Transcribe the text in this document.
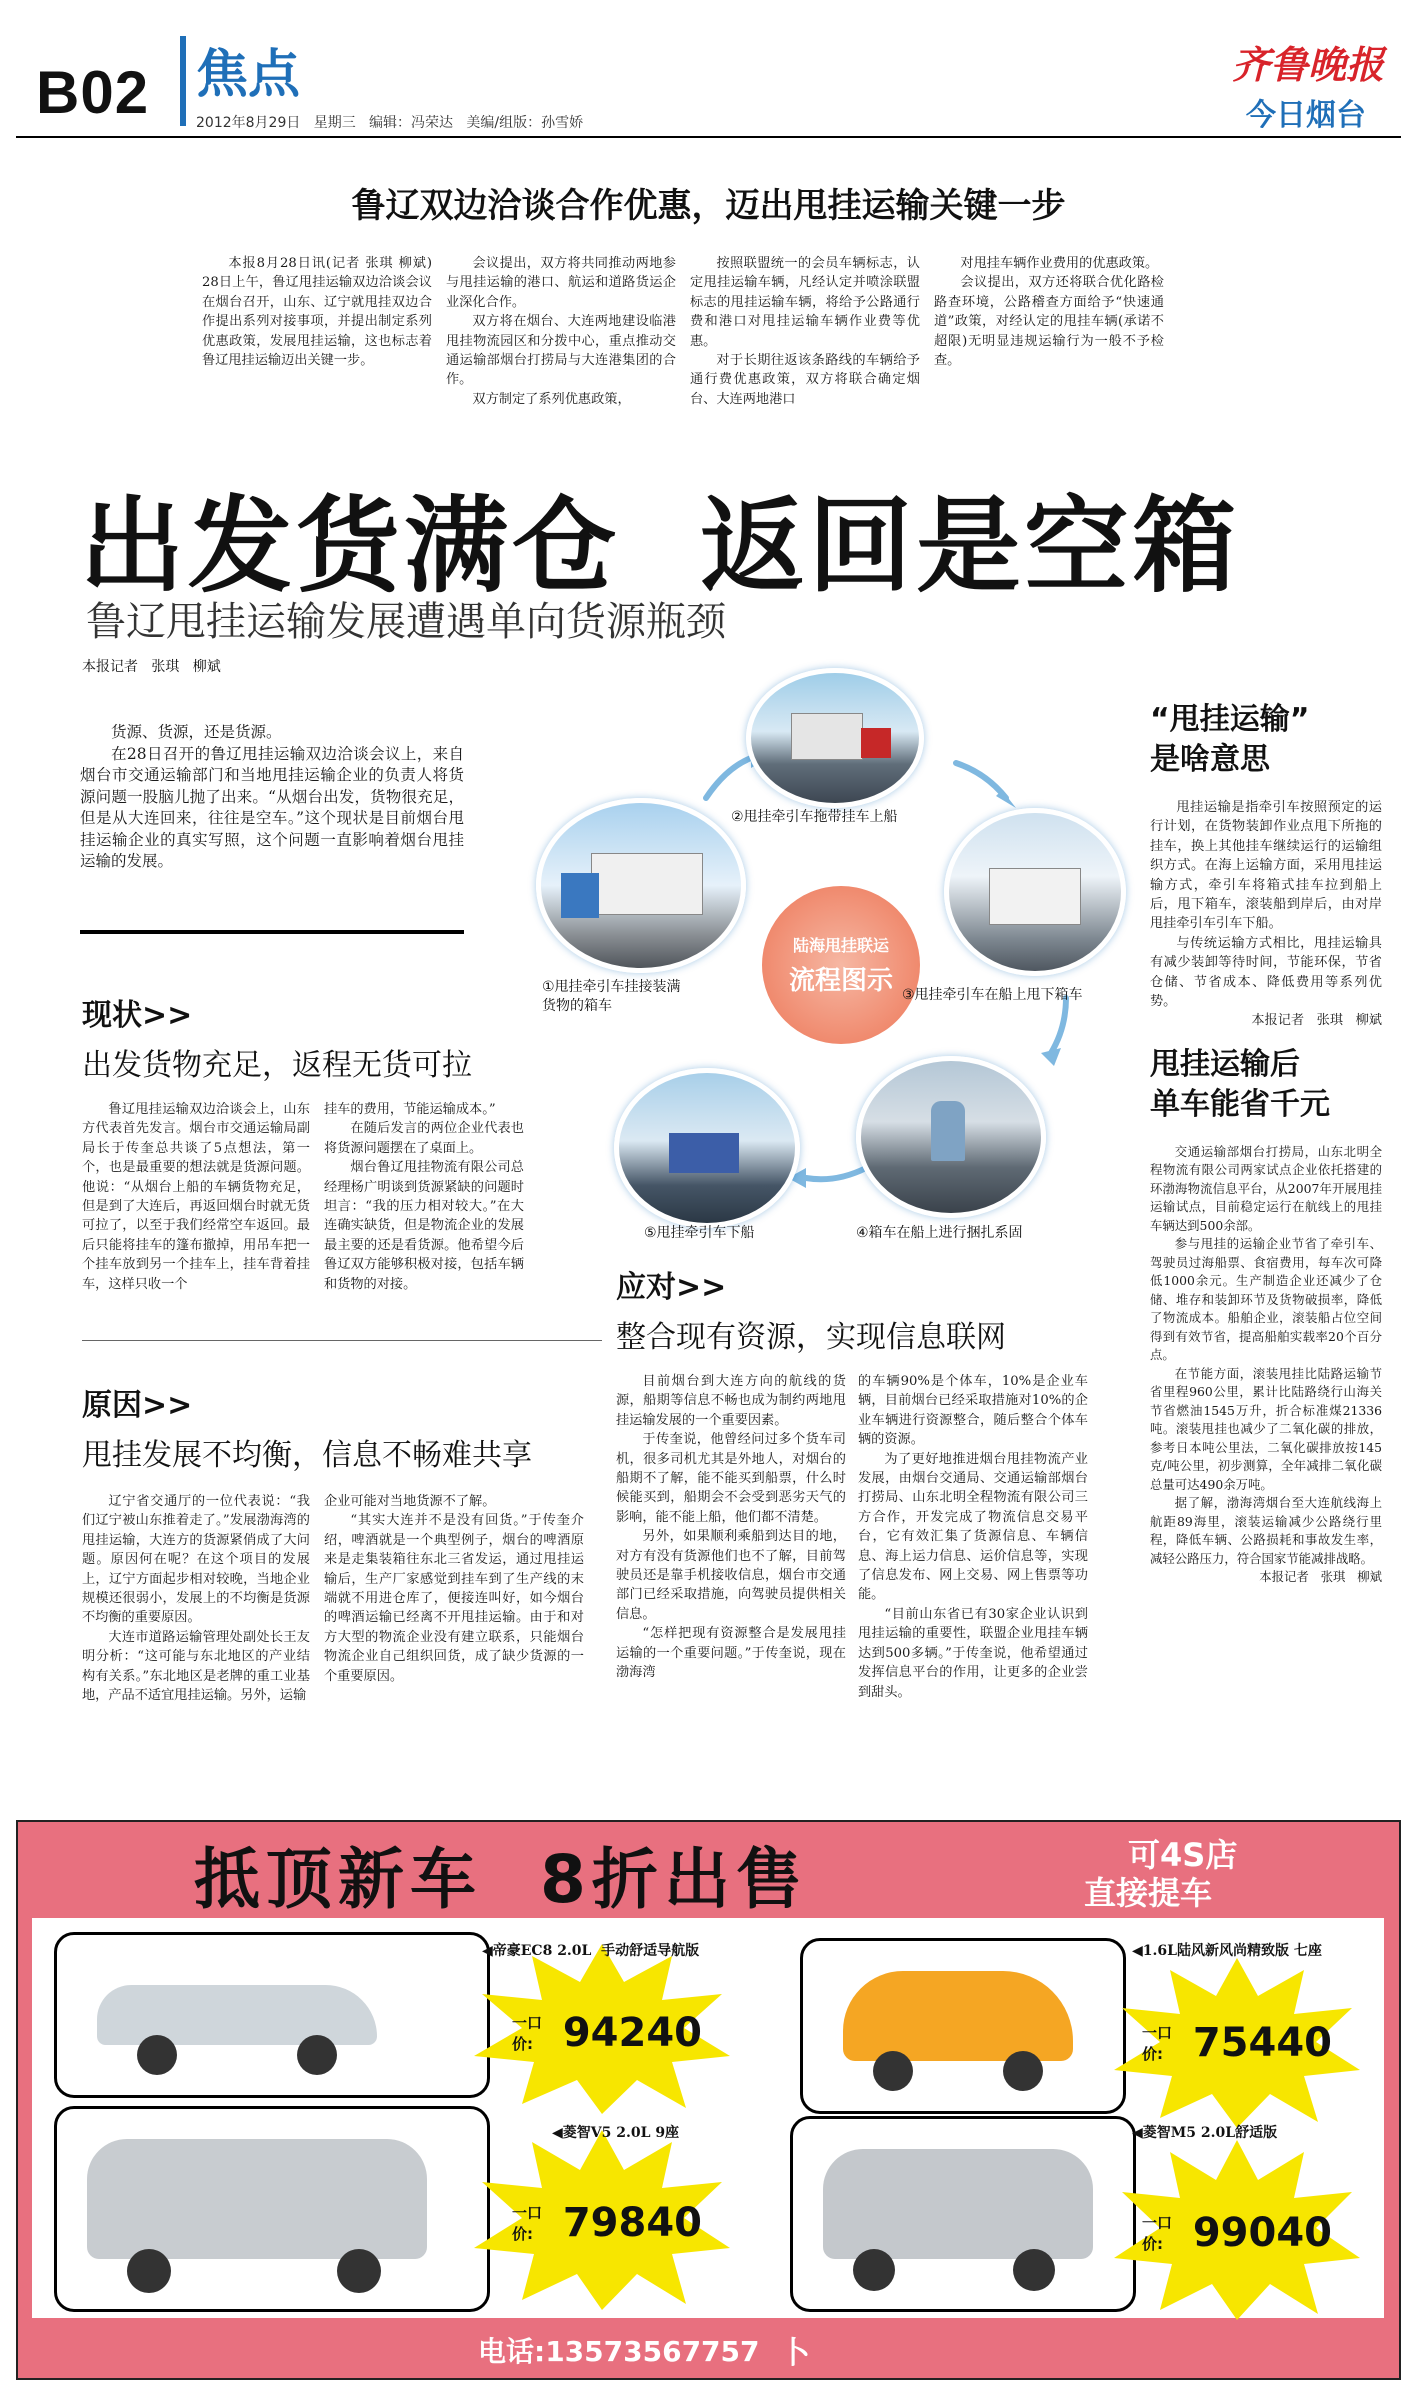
B02 焦点
2012年8月29日   星期三   编辑：冯荣达   美编/组版：孙雪娇
齐鲁晚报
今日烟台
鲁辽双边洽谈合作优惠，迈出甩挂运输关键一步

本报8月28日讯(记者 张琪 柳斌) 28日上午，鲁辽甩挂运输双边洽谈会议在烟台召开，山东、辽宁就甩挂双边合作提出系列对接事项，并提出制定系列优惠政策，发展甩挂运输，这也标志着鲁辽甩挂运输迈出关键一步。

会议提出，双方将共同推动两地参与甩挂运输的港口、航运和道路货运企业深化合作。

双方将在烟台、大连两地建设临港甩挂物流园区和分拨中心，重点推动交通运输部烟台打捞局与大连港集团的合作。

双方制定了系列优惠政策，

按照联盟统一的会员车辆标志，认定甩挂运输车辆，凡经认定并喷涂联盟标志的甩挂运输车辆，将给予公路通行费和港口对甩挂运输车辆作业费等优惠。

对于长期往返该条路线的车辆给予通行费优惠政策，双方将联合确定烟台、大连两地港口

对甩挂车辆作业费用的优惠政策。

会议提出，双方还将联合优化路检路查环境，公路稽查方面给予“快速通道”政策，对经认定的甩挂车辆(承诺不超限)无明显违规运输行为一般不予检查。

出发货满仓  返回是空箱
鲁辽甩挂运输发展遭遇单向货源瓶颈
本报记者   张琪   柳斌

货源、货源，还是货源。

在28日召开的鲁辽甩挂运输双边洽谈会议上，来自烟台市交通运输部门和当地甩挂运输企业的负责人将货源问题一股脑儿抛了出来。“从烟台出发，货物很充足，但是从大连回来，往往是空车。”这个现状是目前烟台甩挂运输企业的真实写照，这个问题一直影响着烟台甩挂运输的发展。

现状>>
出发货物充足，返程无货可拉

鲁辽甩挂运输双边洽谈会上，山东方代表首先发言。烟台市交通运输局副局长于传奎总共谈了5点想法，第一个，也是最重要的想法就是货源问题。他说：“从烟台上船的车辆货物充足，但是到了大连后，再返回烟台时就无货可拉了，以至于我们经常空车返回。最后只能将挂车的篷布撤掉，用吊车把一个挂车放到另一个挂车上，挂车背着挂车，这样只收一个

挂车的费用，节能运输成本。”

在随后发言的两位企业代表也将货源问题摆在了桌面上。

烟台鲁辽甩挂物流有限公司总经理杨广明谈到货源紧缺的问题时坦言：“我的压力相对较大。”在大连确实缺货，但是物流企业的发展最主要的还是看货源。他希望今后鲁辽双方能够积极对接，包括车辆和货物的对接。

原因>>
甩挂发展不均衡，信息不畅难共享

辽宁省交通厅的一位代表说：“我们辽宁被山东推着走了。”发展渤海湾的甩挂运输，大连方的货源紧俏成了大问题。原因何在呢？在这个项目的发展上，辽宁方面起步相对较晚，当地企业规模还很弱小，发展上的不均衡是货源不均衡的重要原因。

大连市道路运输管理处副处长王友明分析：“这可能与东北地区的产业结构有关系。”东北地区是老牌的重工业基地，产品不适宜甩挂运输。另外，运输

企业可能对当地货源不了解。

“其实大连并不是没有回货。”于传奎介绍，啤酒就是一个典型例子，烟台的啤酒原来是走集装箱往东北三省发运，通过甩挂运输后，生产厂家感觉到挂车到了生产线的末端就不用进仓库了，便接连叫好，如今烟台的啤酒运输已经离不开甩挂运输。由于和对方大型的物流企业没有建立联系，只能烟台物流企业自己组织回货，成了缺少货源的一个重要原因。

陆海甩挂联运
流程图示
②甩挂牵引车拖带挂车上船
①甩挂牵引车挂接装满货物的箱车
③甩挂牵引车在船上甩下箱车
④箱车在船上进行捆扎系固
⑤甩挂牵引车下船
应对>>
整合现有资源，实现信息联网

目前烟台到大连方向的航线的货源，船期等信息不畅也成为制约两地甩挂运输发展的一个重要因素。

于传奎说，他曾经问过多个货车司机，很多司机尤其是外地人，对烟台的船期不了解，能不能买到船票，什么时候能买到，船期会不会受到恶劣天气的影响，能不能上船，他们都不清楚。

另外，如果顺利乘船到达目的地，对方有没有货源他们也不了解，目前驾驶员还是靠手机接收信息，烟台市交通部门已经采取措施，向驾驶员提供相关信息。

“怎样把现有资源整合是发展甩挂运输的一个重要问题。”于传奎说，现在渤海湾

的车辆90%是个体车，10%是企业车辆，目前烟台已经采取措施对10%的企业车辆进行资源整合，随后整合个体车辆的资源。

为了更好地推进烟台甩挂物流产业发展，由烟台交通局、交通运输部烟台打捞局、山东北明全程物流有限公司三方合作，开发完成了物流信息交易平台，它有效汇集了货源信息、车辆信息、海上运力信息、运价信息等，实现了信息发布、网上交易、网上售票等功能。

“目前山东省已有30家企业认识到甩挂运输的重要性，联盟企业甩挂车辆达到500多辆。”于传奎说，他希望通过发挥信息平台的作用，让更多的企业尝到甜头。

“甩挂运输”
是啥意思

甩挂运输是指牵引车按照预定的运行计划，在货物装卸作业点甩下所拖的挂车，换上其他挂车继续运行的运输组织方式。在海上运输方面，采用甩挂运输方式，牵引车将箱式挂车拉到船上后，甩下箱车，滚装船到岸后，由对岸甩挂牵引车引车下船。

与传统运输方式相比，甩挂运输具有减少装卸等待时间，节能环保，节省仓储、节省成本、降低费用等系列优势。

本报记者   张琪   柳斌

甩挂运输后
单车能省千元

交通运输部烟台打捞局，山东北明全程物流有限公司两家试点企业依托搭建的环渤海物流信息平台，从2007年开展甩挂运输试点，目前稳定运行在航线上的甩挂车辆达到500余部。

参与甩挂的运输企业节省了牵引车、驾驶员过海船票、食宿费用，每车次可降低1000余元。生产制造企业还减少了仓储、堆存和装卸环节及货物破损率，降低了物流成本。船舶企业，滚装船占位空间得到有效节省，提高船舶实载率20个百分点。

在节能方面，滚装甩挂比陆路运输节省里程960公里，累计比陆路绕行山海关节省燃油1545万升，折合标准煤21336吨。滚装甩挂也减少了二氧化碳的排放，参考日本吨公里法，二氧化碳排放按145克/吨公里，初步测算，全年减排二氧化碳总量可达490余万吨。

据了解，渤海湾烟台至大连航线海上航距89海里，滚装运输减少公路绕行里程，降低车辆、公路损耗和事故发生率，减轻公路压力，符合国家节能减排战略。

本报记者   张琪   柳斌

抵顶新车  8折出售	可4S店
直接提车
◀帝豪EC8 2.0L  手动舒适导航版
一口价: 94240
◀1.6L陆风新风尚精致版 七座
一口价: 75440
◀菱智V5 2.0L 9座
一口价: 79840
◀菱智M5 2.0L舒适版
一口价: 99040
电话:13573567757 卜
